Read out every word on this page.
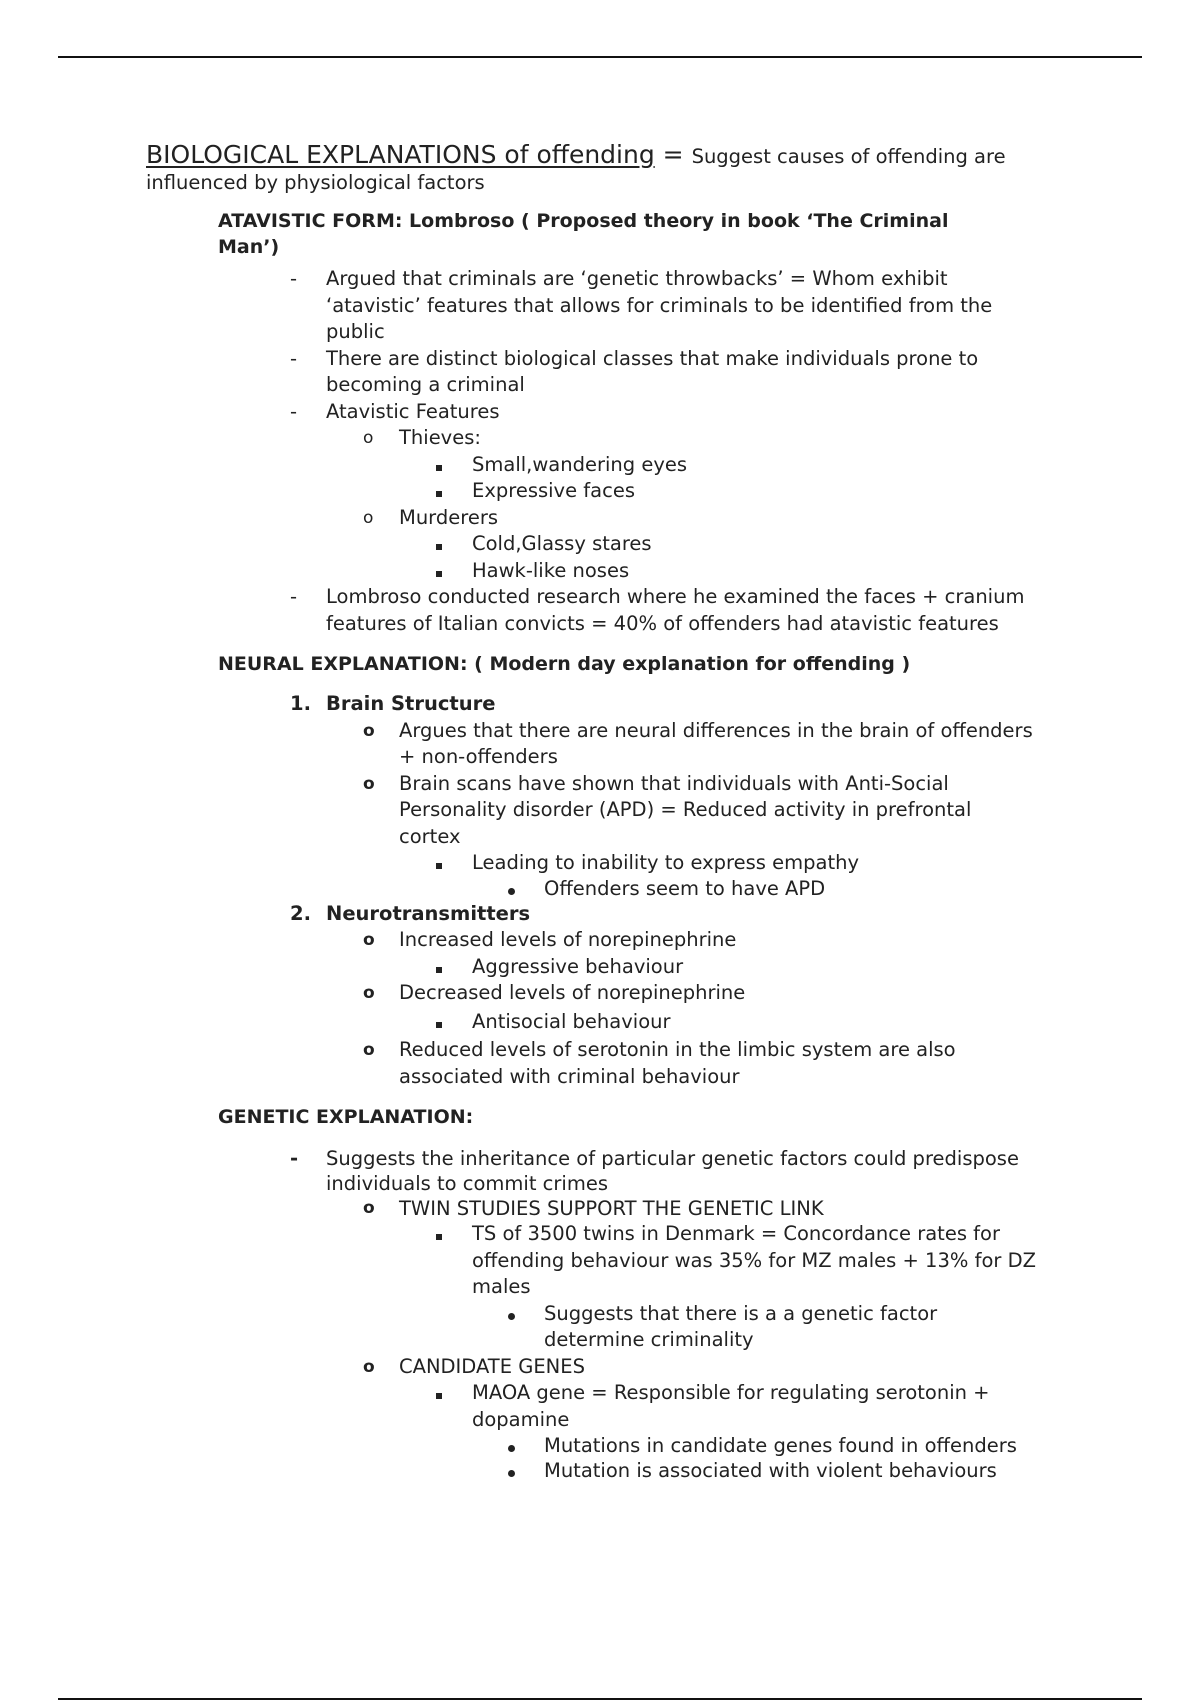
BIOLOGICAL EXPLANATIONS of offending = Suggest causes of offending are
influenced by physiological factors
ATAVISTIC FORM: Lombroso ( Proposed theory in book ‘The Criminal
Man’)
-	Argued that criminals are ‘genetic throwbacks’ = Whom exhibit
‘atavistic’ features that allows for criminals to be identified from the
public
-	There are distinct biological classes that make individuals prone to
becoming a criminal
-	Atavistic Features
o	Thieves:
Small,wandering eyes
Expressive faces
o	Murderers
Cold,Glassy stares
Hawk-like noses
-	Lombroso conducted research where he examined the faces + cranium
features of Italian convicts = 40% of offenders had atavistic features
NEURAL EXPLANATION: ( Modern day explanation for offending )
1. Brain Structure
o	Argues that there are neural differences in the brain of offenders
+ non-offenders
o	Brain scans have shown that individuals with Anti-Social
Personality disorder (APD) = Reduced activity in prefrontal
cortex
Leading to inability to express empathy
Offenders seem to have APD
2. Neurotransmitters
o	Increased levels of norepinephrine
Aggressive behaviour
o	Decreased levels of norepinephrine
Antisocial behaviour
o	Reduced levels of serotonin in the limbic system are also
associated with criminal behaviour
GENETIC EXPLANATION:
-	Suggests the inheritance of particular genetic factors could predispose
individuals to commit crimes
o	TWIN STUDIES SUPPORT THE GENETIC LINK
TS of 3500 twins in Denmark = Concordance rates for
offending behaviour was 35% for MZ males + 13% for DZ
males
Suggests that there is a a genetic factor
determine criminality
o	CANDIDATE GENES
MAOA gene = Responsible for regulating serotonin +
dopamine
Mutations in candidate genes found in offenders
Mutation is associated with violent behaviours
